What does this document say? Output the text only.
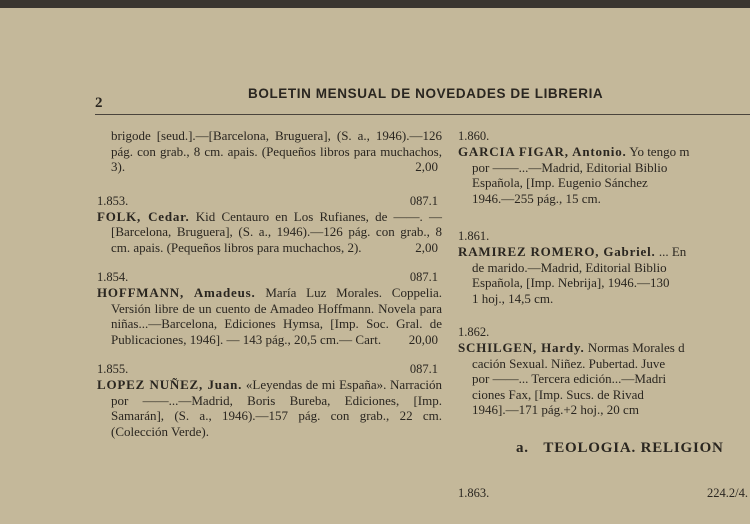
2
BOLETIN MENSUAL DE NOVEDADES DE LIBRERIA
brigode [seud.].—[Barcelona, Bruguera], (S. a., 1946).—126 pág. con grab., 8 cm. apais. (Pequeños libros para muchachos, 3).	2,00
1.853.	087.1
FOLK, Cedar. Kid Centauro en Los Rufianes, de ——. — [Barcelona, Bruguera], (S. a., 1946).—126 pág. con grab., 8 cm. apais. (Pequeños libros para muchachos, 2).	2,00
1.854.	087.1
HOFFMANN, Amadeus. María Luz Morales. Coppelia. Versión libre de un cuento de Amadeo Hoffmann. Novela para niñas...—Barcelona, Ediciones Hymsa, [Imp. Soc. Gral. de Publicaciones, 1946]. — 143 pág., 20,5 cm.— Cart.	20,00
1.855.	087.1
LOPEZ NUÑEZ, Juan. «Leyendas de mi España». Narración por ——...—Madrid, Boris Bureba, Ediciones, [Imp. Samarán], (S. a., 1946).—157 pág. con grab., 22 cm. (Colección Verde).
1.860.
GARCIA FIGAR, Antonio. Yo tengo m
por ——...—Madrid, Editorial Biblio
Española, [Imp. Eugenio Sánchez
1946.—255 pág., 15 cm.
1.861.
RAMIREZ ROMERO, Gabriel. ... En
de marido.—Madrid, Editorial Biblio
Española, [Imp. Nebrija], 1946.—130
1 hoj., 14,5 cm.
1.862.
SCHILGEN, Hardy. Normas Morales d
cación Sexual. Niñez. Pubertad. Juve
por ——... Tercera edición...—Madri
ciones Fax, [Imp. Sucs. de Rivad
1946].—171 pág.+2 hoj., 20 cm
a. TEOLOGIA. RELIGION
1.863.	224.2/4.
